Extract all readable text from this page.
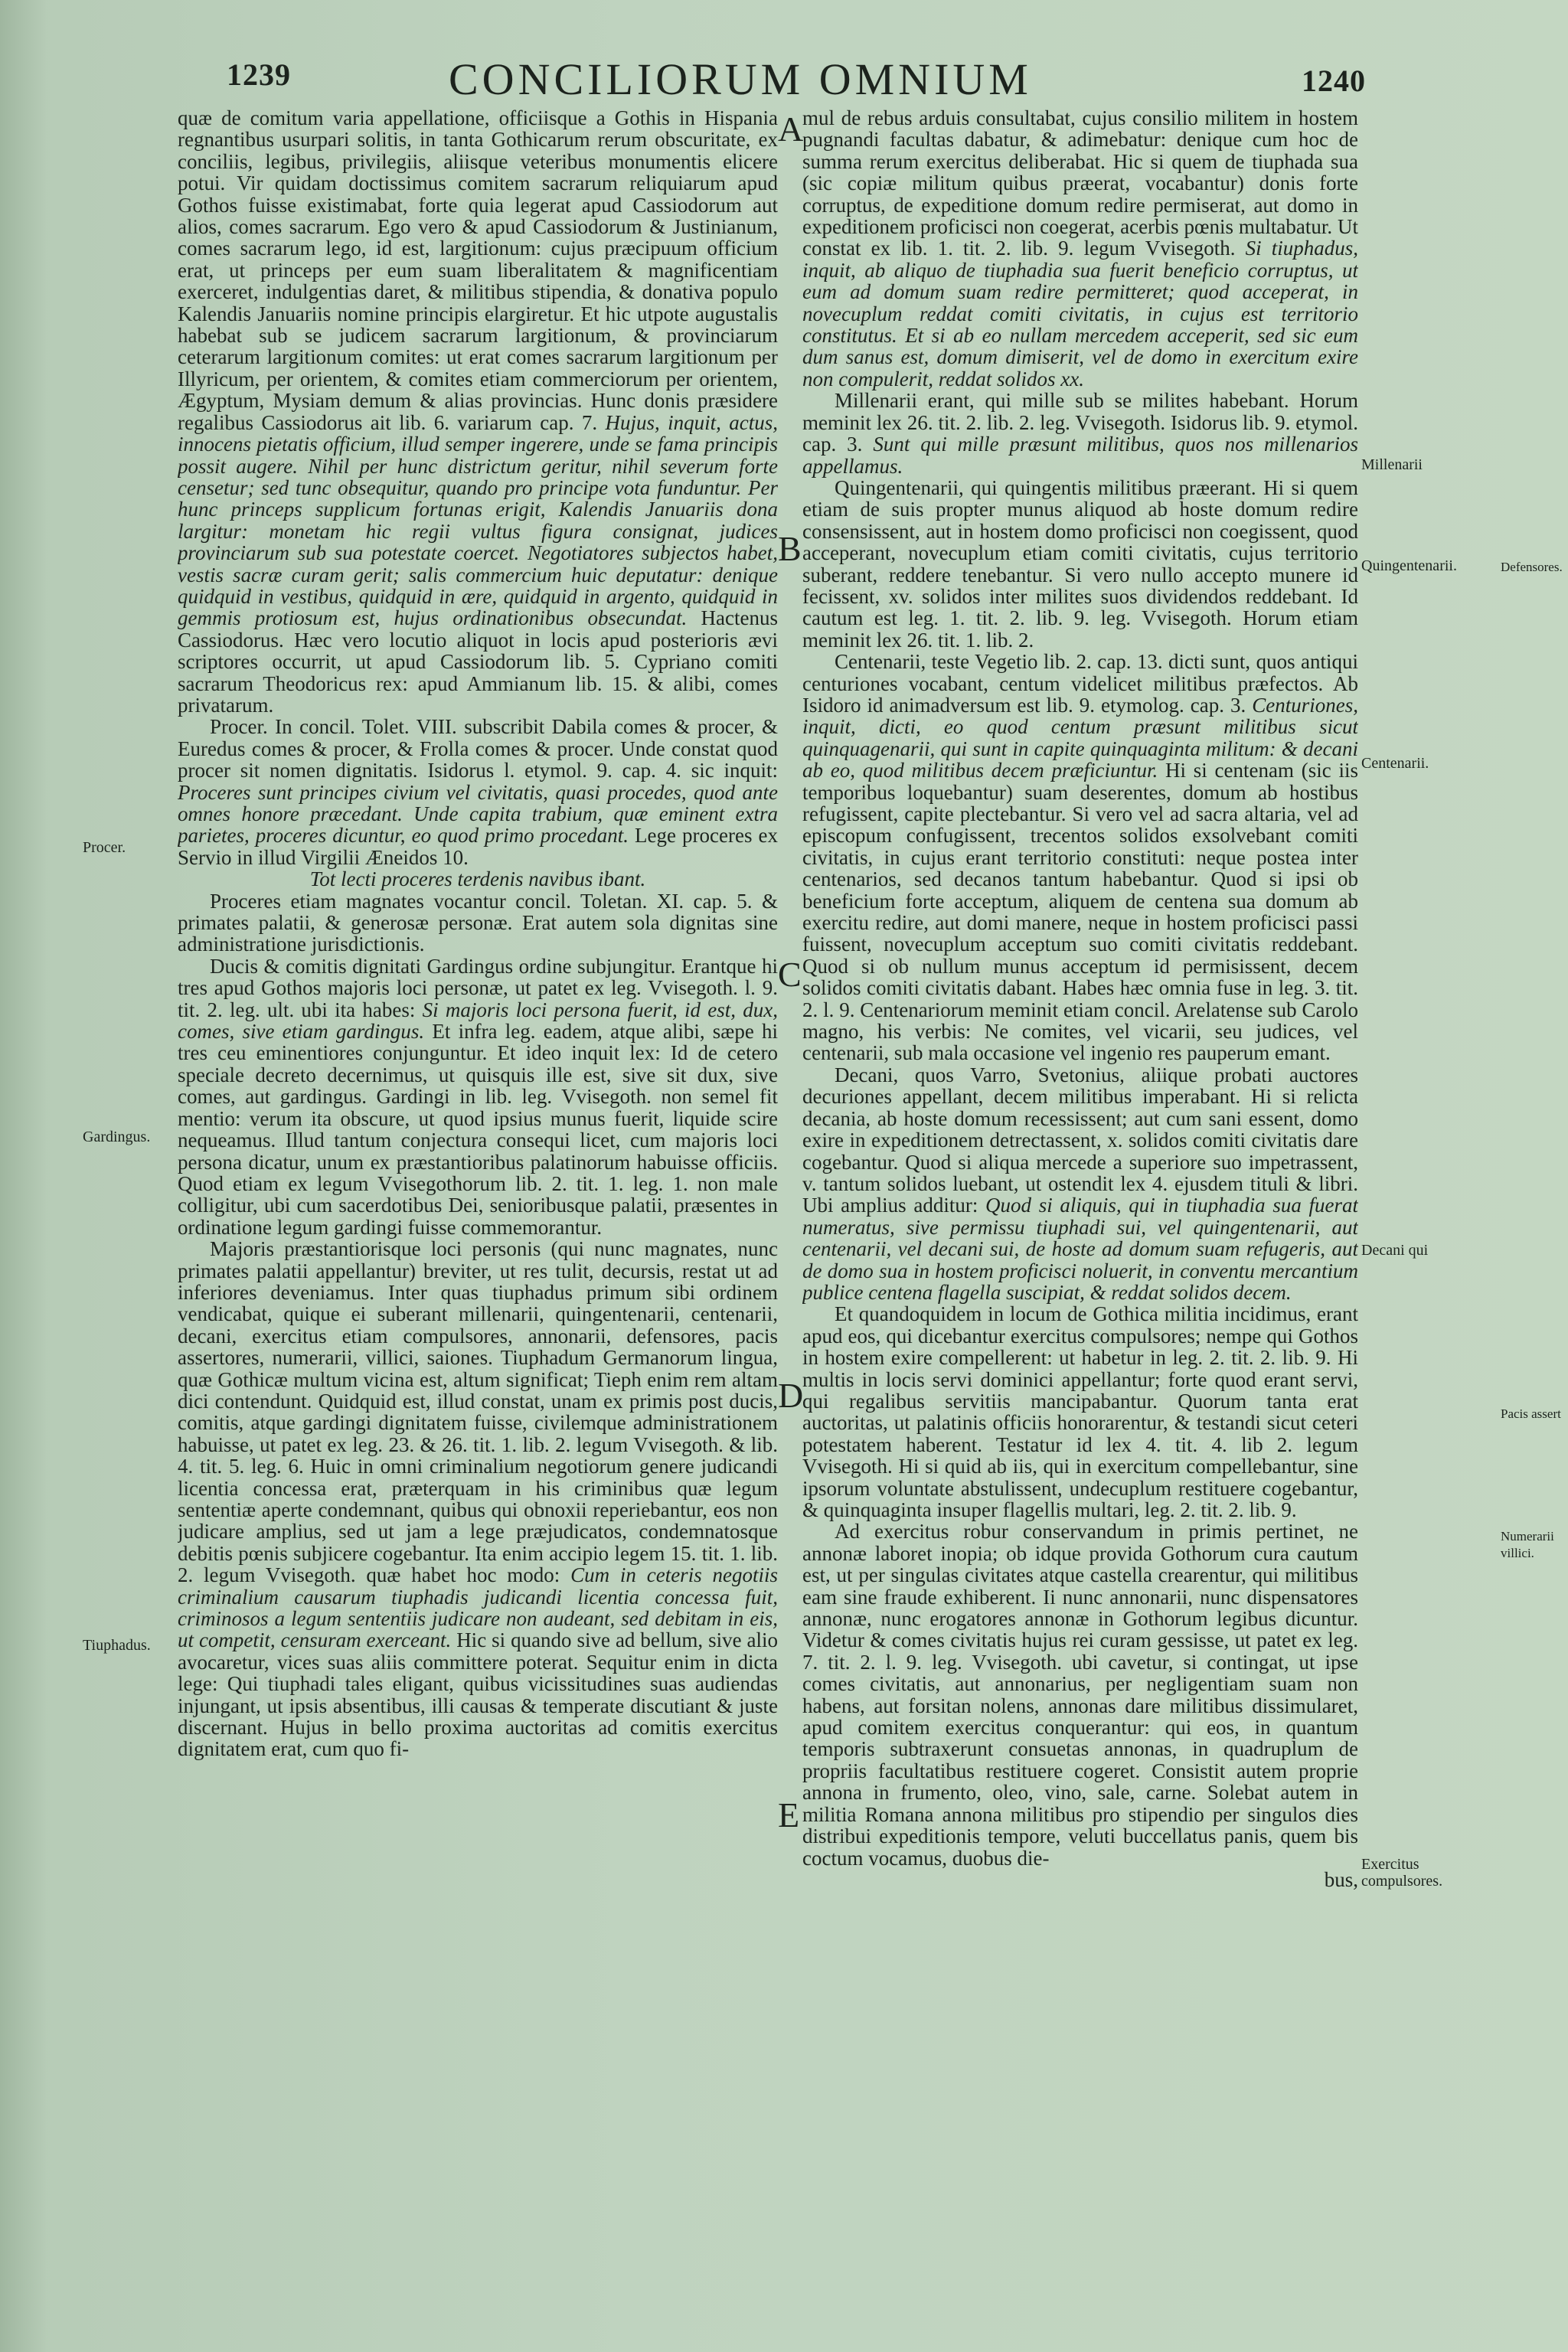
1239	CONCILIORUM OMNIUM	1240
A
B
C
D
E

quæ de comitum varia appellatione, officiisque a Gothis in Hispania regnantibus usurpari solitis, in tanta Gothicarum rerum obscuritate, ex conciliis, legibus, privilegiis, aliisque veteribus monumentis elicere potui. Vir quidam doctissimus comitem sacrarum reliquiarum apud Gothos fuisse existimabat, forte quia legerat apud Cassiodorum aut alios, comes sacrarum. Ego vero & apud Cassiodorum & Justinianum, comes sacrarum lego, id est, largitionum: cujus præcipuum officium erat, ut princeps per eum suam liberalitatem & magnificentiam exerceret, indulgentias daret, & militibus stipendia, & donativa populo Kalendis Januariis nomine principis elargiretur. Et hic utpote augustalis habebat sub se judicem sacrarum largitionum, & provinciarum ceterarum largitionum comites: ut erat comes sacrarum largitionum per Illyricum, per orientem, & comites etiam commerciorum per orientem, Ægyptum, Mysiam demum & alias provincias. Hunc donis præsidere regalibus Cassiodorus ait lib. 6. variarum cap. 7. Hujus, inquit, actus, innocens pietatis officium, illud semper ingerere, unde se fama principis possit augere. Nihil per hunc districtum geritur, nihil severum forte censetur; sed tunc obsequitur, quando pro principe vota funduntur. Per hunc princeps supplicum fortunas erigit, Kalendis Januariis dona largitur: monetam hic regii vultus figura consignat, judices provinciarum sub sua potestate coercet. Negotiatores subjectos habet, vestis sacræ curam gerit; salis commercium huic deputatur: denique quidquid in vestibus, quidquid in ære, quidquid in argento, quidquid in gemmis protiosum est, hujus ordinationibus obsecundat. Hactenus Cassiodorus. Hæc vero locutio aliquot in locis apud posterioris ævi scriptores occurrit, ut apud Cassiodorum lib. 5. Cypriano comiti sacrarum Theodoricus rex: apud Ammianum lib. 15. & alibi, comes privatarum.

Procer. In concil. Tolet. VIII. subscribit Dabila comes & procer, & Euredus comes & procer, & Frolla comes & procer. Unde constat quod procer sit nomen dignitatis. Isidorus l. etymol. 9. cap. 4. sic inquit: Proceres sunt principes civium vel civitatis, quasi procedes, quod ante omnes honore præcedant. Unde capita trabium, quæ eminent extra parietes, proceres dicuntur, eo quod primo procedant. Lege proceres ex Servio in illud Virgilii Æneidos 10.

Tot lecti proceres terdenis navibus ibant.

Proceres etiam magnates vocantur concil. Toletan. XI. cap. 5. & primates palatii, & generosæ personæ. Erat autem sola dignitas sine administratione jurisdictionis.

Ducis & comitis dignitati Gardingus ordine subjungitur. Erantque hi tres apud Gothos majoris loci personæ, ut patet ex leg. Vvisegoth. l. 9. tit. 2. leg. ult. ubi ita habes: Si majoris loci persona fuerit, id est, dux, comes, sive etiam gardingus. Et infra leg. eadem, atque alibi, sæpe hi tres ceu eminentiores conjunguntur. Et ideo inquit lex: Id de cetero speciale decreto decernimus, ut quisquis ille est, sive sit dux, sive comes, aut gardingus. Gardingi in lib. leg. Vvisegoth. non semel fit mentio: verum ita obscure, ut quod ipsius munus fuerit, liquide scire nequeamus. Illud tantum conjectura consequi licet, cum majoris loci persona dicatur, unum ex præstantioribus palatinorum habuisse officiis. Quod etiam ex legum Vvisegothorum lib. 2. tit. 1. leg. 1. non male colligitur, ubi cum sacerdotibus Dei, senioribusque palatii, præsentes in ordinatione legum gardingi fuisse commemorantur.

Majoris præstantiorisque loci personis (qui nunc magnates, nunc primates palatii appellantur) breviter, ut res tulit, decursis, restat ut ad inferiores deveniamus. Inter quas tiuphadus primum sibi ordinem vendicabat, quique ei suberant millenarii, quingentenarii, centenarii, decani, exercitus etiam compulsores, annonarii, defensores, pacis assertores, numerarii, villici, saiones. Tiuphadum Germanorum lingua, quæ Gothicæ multum vicina est, altum significat; Tieph enim rem altam dici contendunt. Quidquid est, illud constat, unam ex primis post ducis, comitis, atque gardingi dignitatem fuisse, civilemque administrationem habuisse, ut patet ex leg. 23. & 26. tit. 1. lib. 2. legum Vvisegoth. & lib. 4. tit. 5. leg. 6. Huic in omni criminalium negotiorum genere judicandi licentia concessa erat, præterquam in his criminibus quæ legum sententiæ aperte condemnant, quibus qui obnoxii reperiebantur, eos non judicare amplius, sed ut jam a lege præjudicatos, condemnatosque debitis pœnis subjicere cogebantur. Ita enim accipio legem 15. tit. 1. lib. 2. legum Vvisegoth. quæ habet hoc modo: Cum in ceteris negotiis criminalium causarum tiuphadis judicandi licentia concessa fuit, criminosos a legum sententiis judicare non audeant, sed debitam in eis, ut competit, censuram exerceant. Hic si quando sive ad bellum, sive alio avocaretur, vices suas aliis committere poterat. Sequitur enim in dicta lege: Qui tiuphadi tales eligant, quibus vicissitudines suas audiendas injungant, ut ipsis absentibus, illi causas & temperate discutiant & juste discernant. Hujus in bello proxima auctoritas ad comitis exercitus dignitatem erat, cum quo fi-

mul de rebus arduis consultabat, cujus consilio militem in hostem pugnandi facultas dabatur, & adimebatur: denique cum hoc de summa rerum exercitus deliberabat. Hic si quem de tiuphada sua (sic copiæ militum quibus præerat, vocabantur) donis forte corruptus, de expeditione domum redire permiserat, aut domo in expeditionem proficisci non coegerat, acerbis pœnis multabatur. Ut constat ex lib. 1. tit. 2. lib. 9. legum Vvisegoth. Si tiuphadus, inquit, ab aliquo de tiuphadia sua fuerit beneficio corruptus, ut eum ad domum suam redire permitteret; quod acceperat, in novecuplum reddat comiti civitatis, in cujus est territorio constitutus. Et si ab eo nullam mercedem acceperit, sed sic eum dum sanus est, domum dimiserit, vel de domo in exercitum exire non compulerit, reddat solidos xx.

Millenarii erant, qui mille sub se milites habebant. Horum meminit lex 26. tit. 2. lib. 2. leg. Vvisegoth. Isidorus lib. 9. etymol. cap. 3. Sunt qui mille præsunt militibus, quos nos millenarios appellamus.

Quingentenarii, qui quingentis militibus præerant. Hi si quem etiam de suis propter munus aliquod ab hoste domum redire consensissent, aut in hostem domo proficisci non coegissent, quod acceperant, novecuplum etiam comiti civitatis, cujus territorio suberant, reddere tenebantur. Si vero nullo accepto munere id fecissent, xv. solidos inter milites suos dividendos reddebant. Id cautum est leg. 1. tit. 2. lib. 9. leg. Vvisegoth. Horum etiam meminit lex 26. tit. 1. lib. 2.

Centenarii, teste Vegetio lib. 2. cap. 13. dicti sunt, quos antiqui centuriones vocabant, centum videlicet militibus præfectos. Ab Isidoro id animadversum est lib. 9. etymolog. cap. 3. Centuriones, inquit, dicti, eo quod centum præsunt militibus sicut quinquagenarii, qui sunt in capite quinquaginta militum: & decani ab eo, quod militibus decem præficiuntur. Hi si centenam (sic iis temporibus loquebantur) suam deserentes, domum ab hostibus refugissent, capite plectebantur. Si vero vel ad sacra altaria, vel ad episcopum confugissent, trecentos solidos exsolvebant comiti civitatis, in cujus erant territorio constituti: neque postea inter centenarios, sed decanos tantum habebantur. Quod si ipsi ob beneficium forte acceptum, aliquem de centena sua domum ab exercitu redire, aut domi manere, neque in hostem proficisci passi fuissent, novecuplum acceptum suo comiti civitatis reddebant. Quod si ob nullum munus acceptum id permisissent, decem solidos comiti civitatis dabant. Habes hæc omnia fuse in leg. 3. tit. 2. l. 9. Centenariorum meminit etiam concil. Arelatense sub Carolo magno, his verbis: Ne comites, vel vicarii, seu judices, vel centenarii, sub mala occasione vel ingenio res pauperum emant.

Decani, quos Varro, Svetonius, aliique probati auctores decuriones appellant, decem militibus imperabant. Hi si relicta decania, ab hoste domum recessissent; aut cum sani essent, domo exire in expeditionem detrectassent, x. solidos comiti civitatis dare cogebantur. Quod si aliqua mercede a superiore suo impetrassent, v. tantum solidos luebant, ut ostendit lex 4. ejusdem tituli & libri. Ubi amplius additur: Quod si aliquis, qui in tiuphadia sua fuerat numeratus, sive permissu tiuphadi sui, vel quingentenarii, aut centenarii, vel decani sui, de hoste ad domum suam refugeris, aut de domo sua in hostem proficisci noluerit, in conventu mercantium publice centena flagella suscipiat, & reddat solidos decem.

Et quandoquidem in locum de Gothica militia incidimus, erant apud eos, qui dicebantur exercitus compulsores; nempe qui Gothos in hostem exire compellerent: ut habetur in leg. 2. tit. 2. lib. 9. Hi multis in locis servi dominici appellantur; forte quod erant servi, qui regalibus servitiis mancipabantur. Quorum tanta erat auctoritas, ut palatinis officiis honorarentur, & testandi sicut ceteri potestatem haberent. Testatur id lex 4. tit. 4. lib 2. legum Vvisegoth. Hi si quid ab iis, qui in exercitum compellebantur, sine ipsorum voluntate abstulissent, undecuplum restituere cogebantur, & quinquaginta insuper flagellis multari, leg. 2. tit. 2. lib. 9.

Ad exercitus robur conservandum in primis pertinet, ne annonæ laboret inopia; ob idque provida Gothorum cura cautum est, ut per singulas civitates atque castella crearentur, qui militibus eam sine fraude exhiberent. Ii nunc annonarii, nunc dispensatores annonæ, nunc erogatores annonæ in Gothorum legibus dicuntur. Videtur & comes civitatis hujus rei curam gessisse, ut patet ex leg. 7. tit. 2. l. 9. leg. Vvisegoth. ubi cavetur, si contingat, ut ipse comes civitatis, aut annonarius, per negligentiam suam non habens, aut forsitan nolens, annonas dare militibus dissimularet, apud comitem exercitus conquerantur: qui eos, in quantum temporis subtraxerunt consuetas annonas, in quadruplum de propriis facultatibus restituere cogeret. Consistit autem proprie annona in frumento, oleo, vino, sale, carne. Solebat autem in militia Romana annona militibus pro stipendio per singulos dies distribui expeditionis tempore, veluti buccellatus panis, quem bis coctum vocamus, duobus die-

bus,

Procer.
Gardingus.
Tiuphadus.
Millenarii
Quingentenarii.	Defensores.
Centenarii.
Decani qui
Pacis assert
Numerarii villici.
Exercitus compulsores.
